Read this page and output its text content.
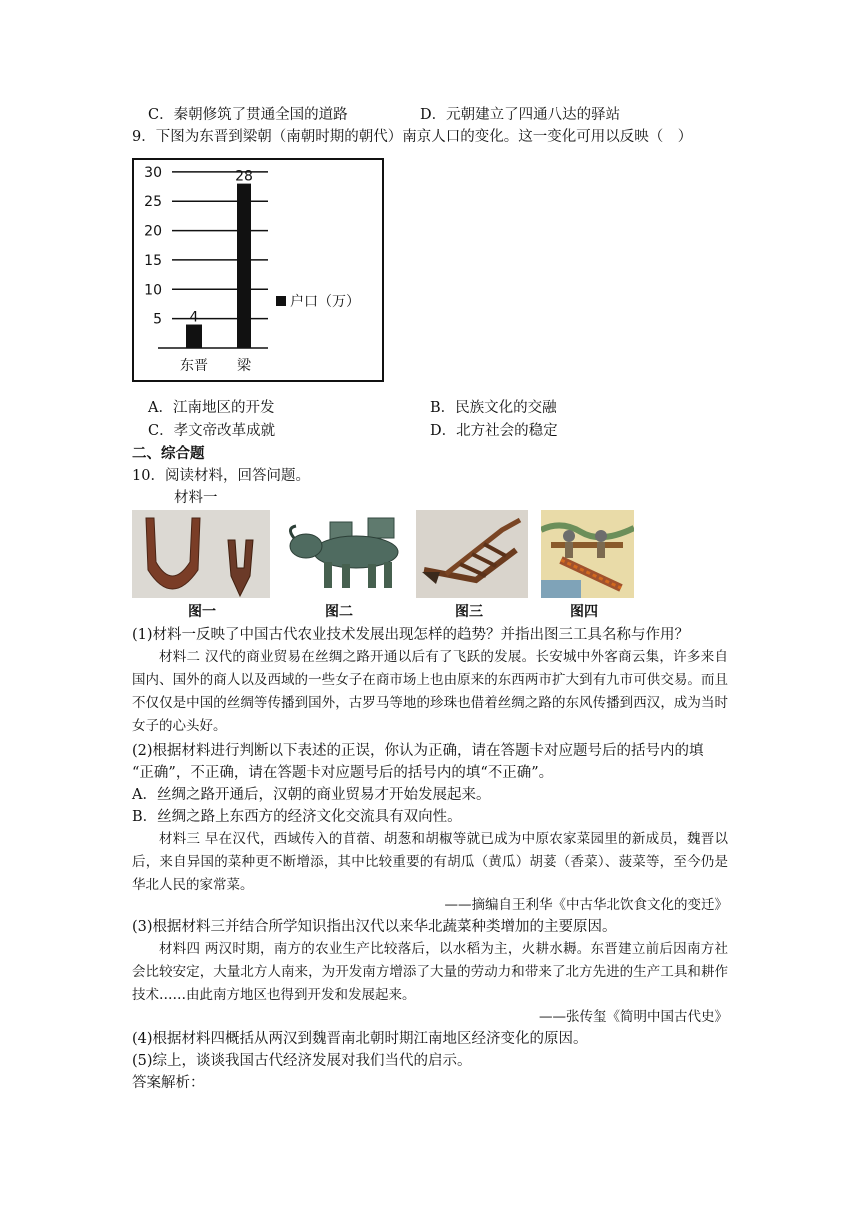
C．秦朝修筑了贯通全国的道路	D．元朝建立了四通八达的驿站
9．下图为东晋到梁朝（南朝时期的朝代）南京人口的变化。这一变化可用以反映（　）
5
10
15
20
25
30
4
东晋
28
梁
户口（万）
A．江南地区的开发	B．民族文化的交融
C．孝文帝改革成就	D．北方社会的稳定
二、综合题
10．阅读材料，回答问题。
材料一
图一	图二	图三	图四
(1)材料一反映了中国古代农业技术发展出现怎样的趋势？并指出图三工具名称与作用？
材料二 汉代的商业贸易在丝绸之路开通以后有了飞跃的发展。长安城中外客商云集，许多来自国内、国外的商人以及西域的一些女子在商市场上也由原来的东西两市扩大到有九市可供交易。而且不仅仅是中国的丝绸等传播到国外，古罗马等地的珍珠也借着丝绸之路的东风传播到西汉，成为当时女子的心头好。
(2)根据材料进行判断以下表述的正误，你认为正确，请在答题卡对应题号后的括号内的填
“正确”，不正确，请在答题卡对应题号后的括号内的填“不正确”。
A．丝绸之路开通后，汉朝的商业贸易才开始发展起来。
B．丝绸之路上东西方的经济文化交流具有双向性。
材料三 早在汉代，西域传入的苜蓿、胡葱和胡椒等就已成为中原农家菜园里的新成员，魏晋以后，来自异国的菜种更不断增添，其中比较重要的有胡瓜（黄瓜）胡荽（香菜）、菠菜等，至今仍是华北人民的家常菜。
——摘编自王利华《中古华北饮食文化的变迁》
(3)根据材料三并结合所学知识指出汉代以来华北蔬菜种类增加的主要原因。
材料四 两汉时期，南方的农业生产比较落后，以水稻为主，火耕水耨。东晋建立前后因南方社会比较安定，大量北方人南来，为开发南方增添了大量的劳动力和带来了北方先进的生产工具和耕作技术……由此南方地区也得到开发和发展起来。
——张传玺《简明中国古代史》
(4)根据材料四概括从两汉到魏晋南北朝时期江南地区经济变化的原因。
(5)综上，谈谈我国古代经济发展对我们当代的启示。
答案解析：
